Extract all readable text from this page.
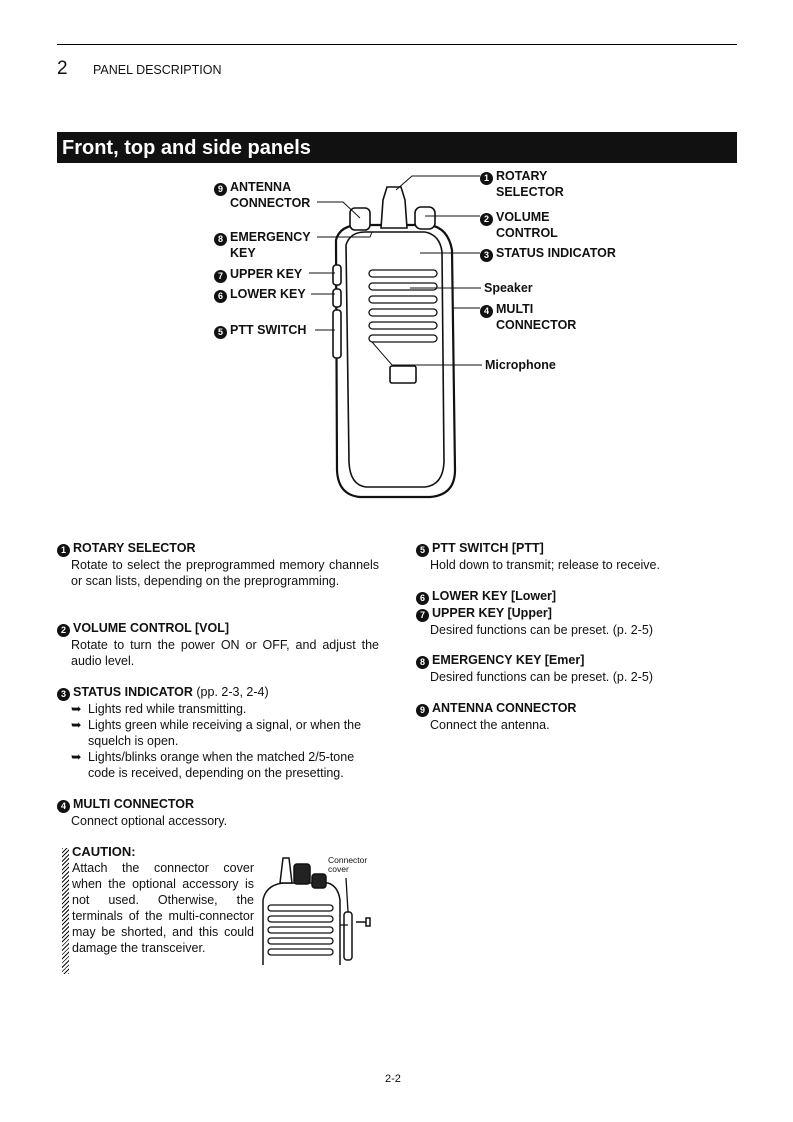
2 PANEL DESCRIPTION
Front, top and side panels
1 ROTARY SELECTOR
2 VOLUME CONTROL
3 STATUS INDICATOR
Speaker
4 MULTI CONNECTOR
Microphone
9 ANTENNA CONNECTOR
8 EMERGENCY KEY
7 UPPER KEY
6 LOWER KEY
5 PTT SWITCH
1 ROTARY SELECTOR

Rotate to select the preprogrammed memory channels or scan lists, depending on the preprogramming.

2 VOLUME CONTROL [VOL]

Rotate to turn the power ON or OFF, and adjust the audio level.

3 STATUS INDICATOR (pp. 2-3, 2-4)
➥ Lights red while transmitting.
➥ Lights green while receiving a signal, or when the squelch is open.
➥ Lights/blinks orange when the matched 2/5-tone code is received, depending on the presetting.
4 MULTI CONNECTOR

Connect optional accessory.

CAUTION:

Attach the connector cover when the optional accessory is not used. Otherwise, the terminals of the multi-connector may be shorted, and this could damage the transceiver.

Connector cover
5 PTT SWITCH [PTT]

Hold down to transmit; release to receive.

6 LOWER KEY [Lower]
7 UPPER KEY [Upper]

Desired functions can be preset. (p. 2-5)

8 EMERGENCY KEY [Emer]

Desired functions can be preset. (p. 2-5)

9 ANTENNA CONNECTOR

Connect the antenna.

2-2
